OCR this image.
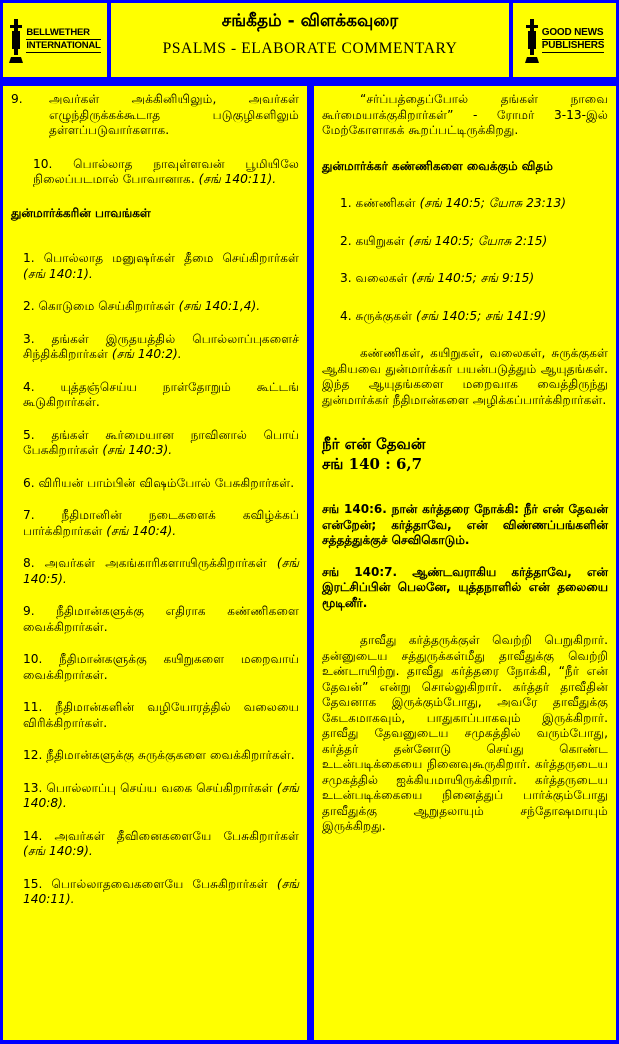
BELLWETHER
INTERNATIONAL
சங்கீதம் - விளக்கவுரை
PSALMS - ELABORATE COMMENTARY
GOOD NEWS
PUBLISHERS
9.	அவர்கள் அக்கினியிலும், அவர்கள் எழுந்திருக்கக்கூடாத படுகுழிகளிலும் தள்ளப்படுவார்களாக.
10. பொல்லாத நாவுள்ளவன் பூமியிலே நிலைப்படமால் போவானாக. (சங் 140:11).
துன்மார்க்கரின் பாவங்கள்
1. பொல்லாத மனுஷர்கள் தீமை செய்கிறார்கள் (சங் 140:1).
2. கொடுமை செய்கிறார்கள் (சங் 140:1,4).
3. தங்கள் இருதயத்தில் பொல்லாப்புகளைச் சிந்திக்கிறார்கள் (சங் 140:2).
4. யுத்தஞ்செய்ய நாள்தோறும் கூட்டங் கூடுகிறார்கள்.
5. தங்கள் கூர்மையான நாவினால் பொய் பேசுகிறார்கள் (சங் 140:3).
6. விரியன் பாம்பின் விஷம்போல் பேசுகிறார்கள்.
7. நீதிமானின் நடைகளைக் கவிழ்க்கப் பார்க்கிறார்கள் (சங் 140:4).
8. அவர்கள் அகங்காரிகளாயிருக்கிறார்கள் (சங் 140:5).
9. நீதிமான்களுக்கு எதிராக கண்ணிகளை வைக்கிறார்கள்.
10. நீதிமான்களுக்கு கயிறுகளை மறைவாய் வைக்கிறார்கள்.
11. நீதிமான்களின் வழியோரத்தில் வலையை விரிக்கிறார்கள்.
12. நீதிமான்களுக்கு சுருக்குகளை வைக்கிறார்கள்.
13. பொல்லாப்பு செய்ய வகை செய்கிறார்கள் (சங் 140:8).
14. அவர்கள் தீவினைகளையே பேசுகிறார்கள் (சங் 140:9).
15. பொல்லாதவைகளையே பேசுகிறார்கள் (சங் 140:11).
“சர்ப்பத்தைப்போல் தங்கள் நாவை கூர்மையாக்குகிறார்கள்” - ரோமர் 3-13-இல் மேற்கோளாகக் கூறப்பட்டிருக்கிறது.
துன்மார்க்கர் கண்ணிகளை வைக்கும் விதம்
1. கண்ணிகள் (சங் 140:5; யோசு 23:13)
2. கயிறுகள் (சங் 140:5; யோசு 2:15)
3. வலைகள் (சங் 140:5; சங் 9:15)
4. சுருக்குகள் (சங் 140:5; சங் 141:9)
கண்ணிகள், கயிறுகள், வலைகள், சுருக்குகள் ஆகியவை துன்மார்க்கர் பயன்படுத்தும் ஆயுதங்கள். இந்த ஆயுதங்களை மறைவாக வைத்திருந்து துன்மார்க்கர் நீதிமான்களை அழிக்கப்பார்க்கிறார்கள்.
நீர் என் தேவன்
சங் 140 : 6,7
சங் 140:6. நான் கர்த்தரை நோக்கி: நீர் என் தேவன் என்றேன்; கர்த்தாவே, என் விண்ணப்பங்களின் சத்தத்துக்குச் செவிகொடும்.
சங் 140:7. ஆண்டவராகிய கர்த்தாவே, என் இரட்சிப்பின் பெலனே, யுத்தநாளில் என் தலையை மூடினீர்.
தாவீது கர்த்தருக்குள் வெற்றி பெறுகிறார். தன்னுடைய சத்துருக்கள்மீது தாவீதுக்கு வெற்றி உண்டாயிற்று. தாவீது கர்த்தரை நோக்கி, “நீர் என் தேவன்” என்று சொல்லுகிறார். கர்த்தர் தாவீதின் தேவனாக இருக்கும்போது, அவரே தாவீதுக்கு கேடகமாகவும், பாதுகாப்பாகவும் இருக்கிறார். தாவீது தேவனுடைய சமுகத்தில் வரும்போது, கர்த்தர் தன்னோடு செய்து கொண்ட உடன்படிக்கையை நினைவுகூருகிறார். கர்த்தருடைய சமுகத்தில் ஐக்கியமாயிருக்கிறார். கர்த்தருடைய உடன்படிக்கையை நினைத்துப் பார்க்கும்போது தாவீதுக்கு ஆறுதலாயும் சந்தோஷமாயும் இருக்கிறது.
